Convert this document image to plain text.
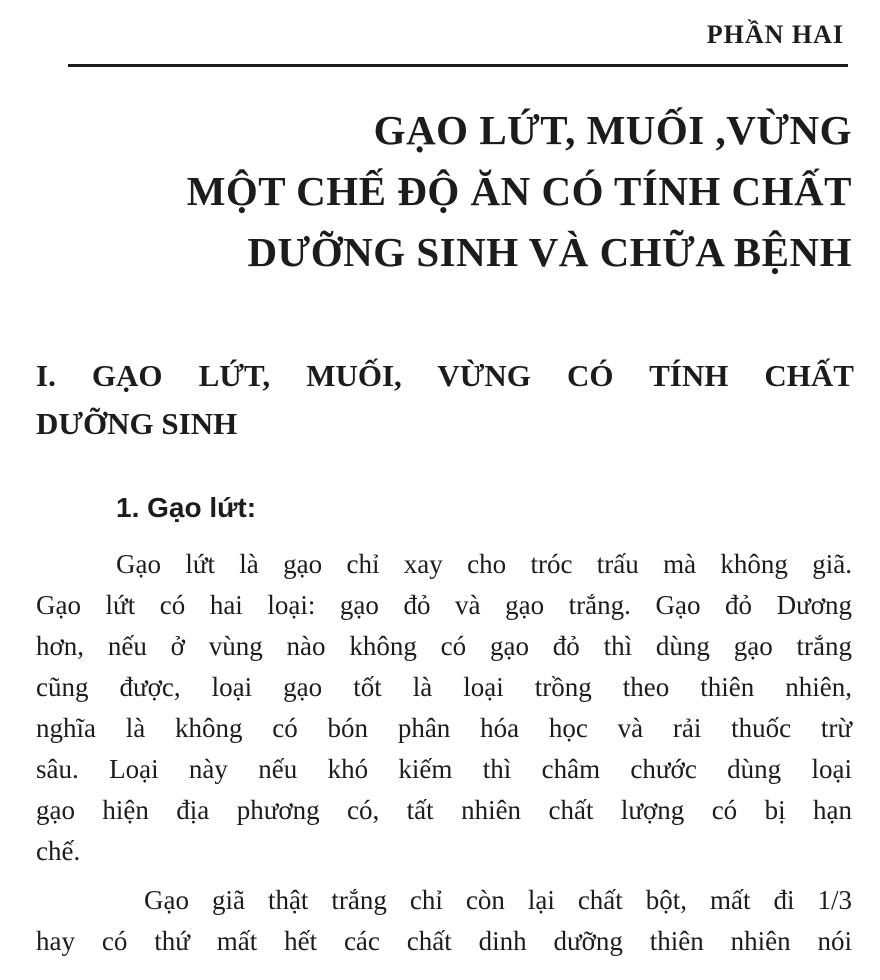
PHẦN HAI
GẠO LỨT, MUỐI ,VỪNG
MỘT CHẾ ĐỘ ĂN CÓ TÍNH CHẤT
DƯỠNG SINH VÀ CHỮA BỆNH
I. GẠO LỨT, MUỐI, VỪNG CÓ TÍNH CHẤT
DƯỠNG SINH
1. Gạo lứt:
Gạo lứt là gạo chỉ xay cho tróc trấu mà không giã.
Gạo lứt có hai loại: gạo đỏ và gạo trắng. Gạo đỏ Dương
hơn, nếu ở vùng nào không có gạo đỏ thì dùng gạo trắng
cũng được, loại gạo tốt là loại trồng theo thiên nhiên,
nghĩa là không có bón phân hóa học và rải thuốc trừ
sâu. Loại này nếu khó kiếm thì châm chước dùng loại
gạo hiện địa phương có, tất nhiên chất lượng có bị hạn
chế.
Gạo giã thật trắng chỉ còn lại chất bột, mất đi 1/3
hay có thứ mất hết các chất dinh dưỡng thiên nhiên nói
